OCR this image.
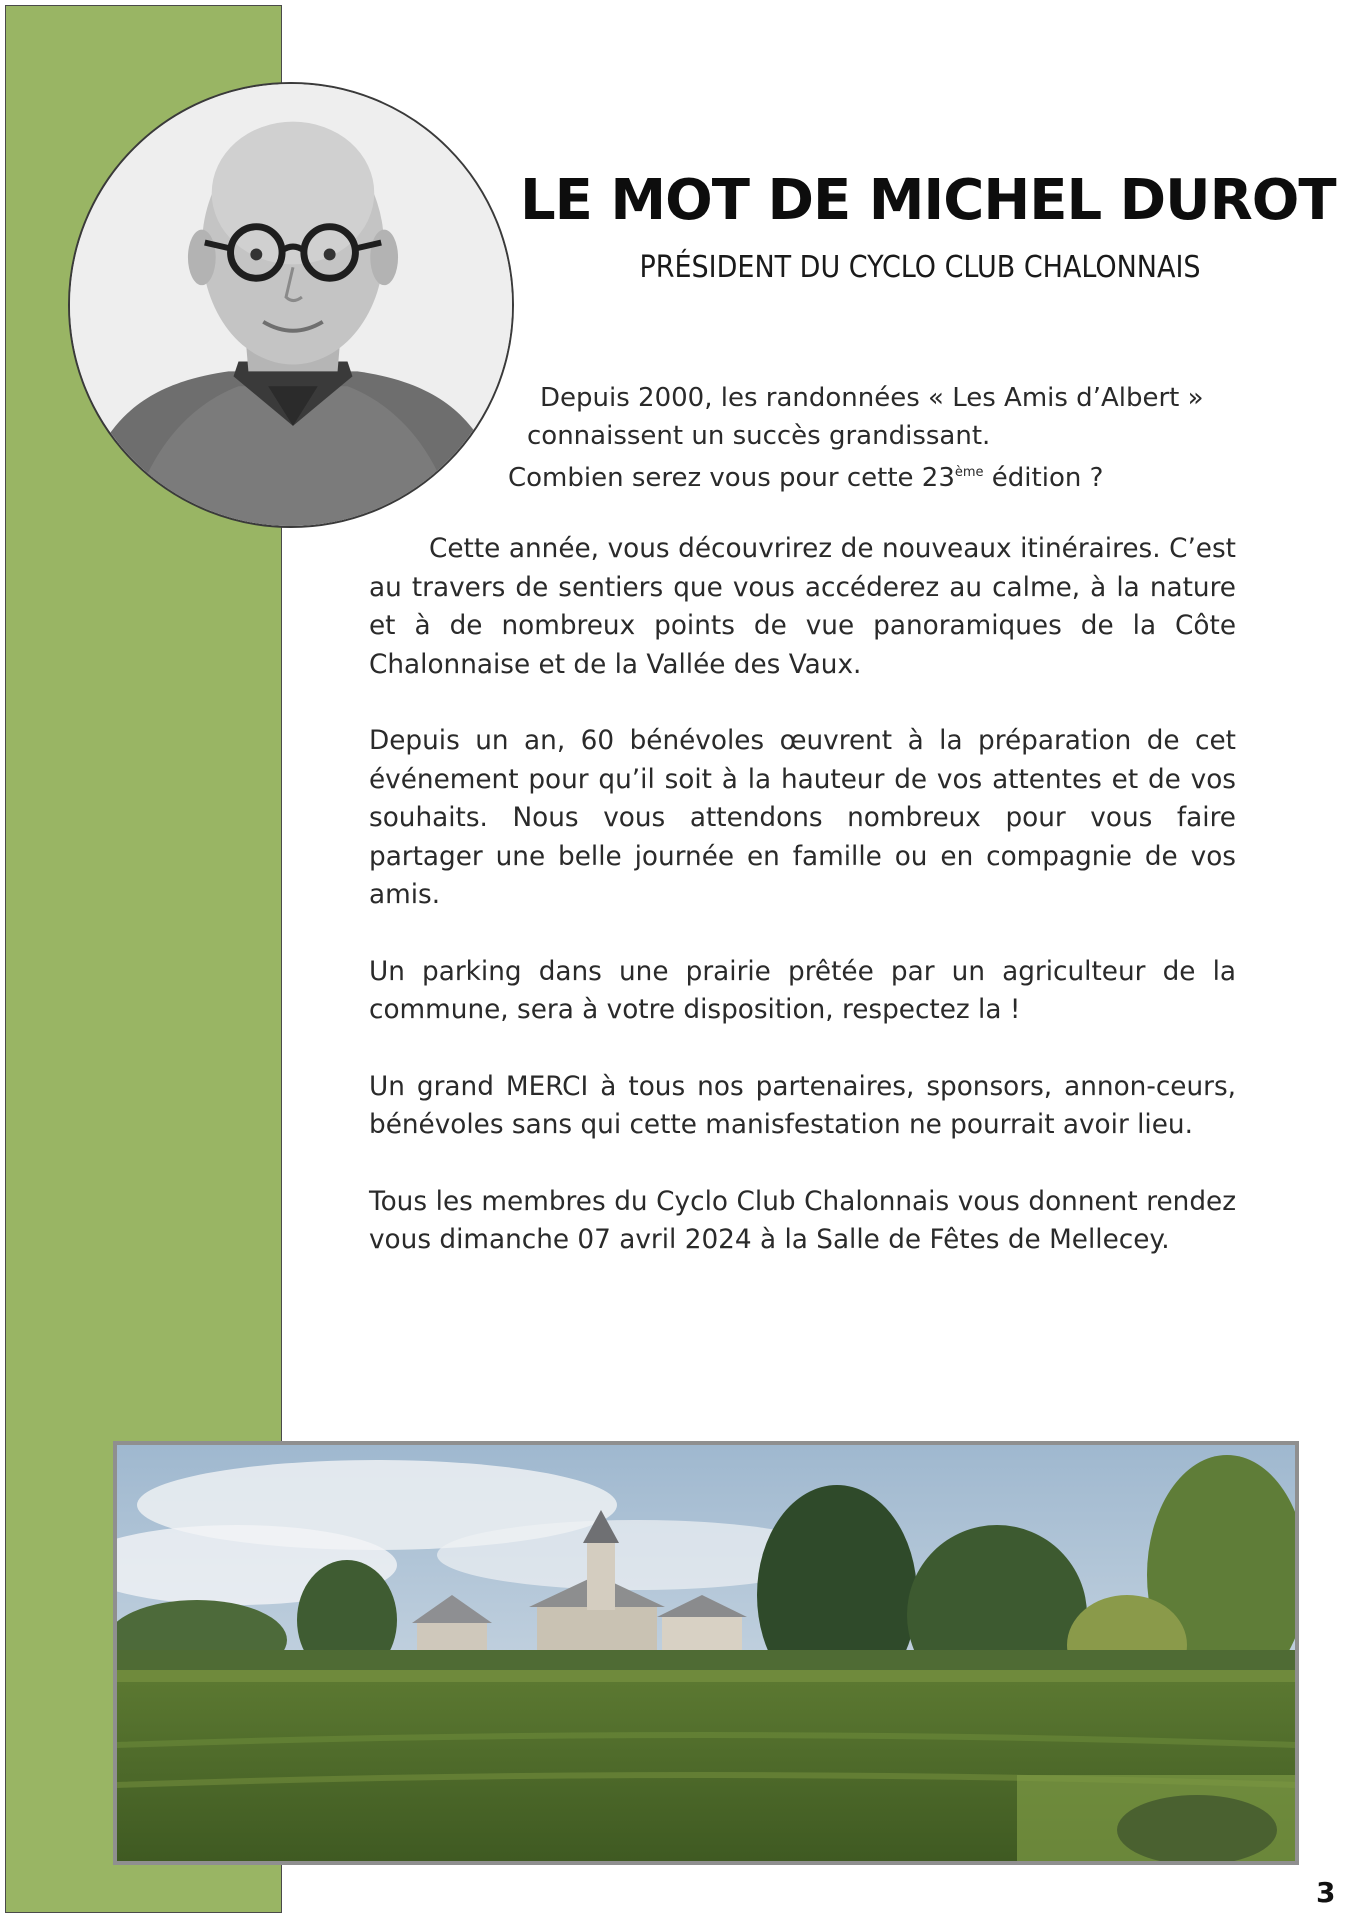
LE MOT DE MICHEL DUROT
PRÉSIDENT DU CYCLO CLUB CHALONNAIS
Depuis 2000, les randonnées « Les Amis d’Albert »
connaissent un succès grandissant.
Combien serez vous pour cette 23ème édition ?

Cette année, vous découvrirez de nouveaux itinéraires. C’est au travers de sentiers que vous accéderez au calme, à la nature et à de nombreux points de vue panoramiques de la Côte Chalonnaise et de la Vallée des Vaux.

Depuis un an, 60 bénévoles œuvrent à la préparation de cet événement pour qu’il soit à la hauteur de vos attentes et de vos souhaits. Nous vous attendons nombreux pour vous faire partager une belle journée en famille ou en compagnie de vos amis.

Un parking dans une prairie prêtée par un agriculteur de la commune, sera à votre disposition, respectez la !

Un grand MERCI à tous nos partenaires, sponsors, annon-ceurs, bénévoles sans qui cette manisfestation ne pourrait avoir lieu.

Tous les membres du Cyclo Club Chalonnais vous donnent rendez vous dimanche 07 avril 2024 à la Salle de Fêtes de Mellecey.

3
